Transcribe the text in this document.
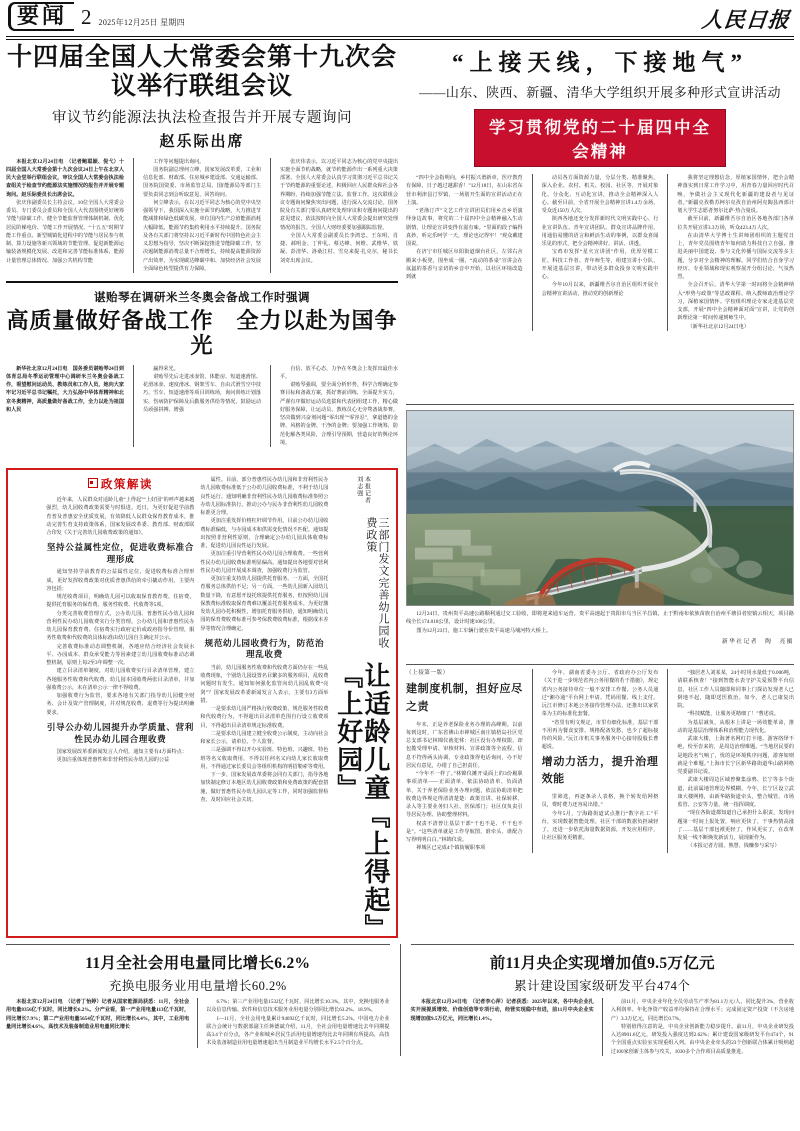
要闻 2 2025年12月25日 星期四	人民日报
十四届全国人大常委会第十九次会议举行联组会议
审议节约能源法执法检查报告并开展专题询问
赵乐际出席

本报北京12月24日电　（记者鲍聪颖、倪弋）十四届全国人大常委会第十九次会议24日上午在北京人民大会堂举行联组会议，审议全国人大常委会执法检查组关于检查节约能源法实施情况的报告并开展专题询问。赵乐际委员长出席会议。

张庆伟副委员长主持会议。10位全国人大常委会委员、专门委员会委员和全国人大代表围绕更好统筹节能与降碳工作、健全节能监督管理体制机制、优化居民阶梯电价、节能工作开展情况、“十五五”时期节能工作重点、新型城镇化进程中的节能与居民参与机制、算力设施等新兴领域的节能管理、促进新能源运输装备规模化发展、改进和完善节能标准体系、能源计量管理总体情况、加强公共机构节能

工作等问题提出询问。

国务院副总理何立峰，国家发展改革委、工业和信息化部、财政部、住房城乡建设部、交通运输部、国务院国资委、市场监管总局、国ľ能源局等部门主要负责同志到会听取意见、回答询问。

何立峰表示，在以习近平同志为核心的党中央坚强领导下，我国深入实施全面节约战略，大力推进节能减排和绿色低碳发展，单位国内生产总值能源消耗大幅降低，能源节约集约利用水平持续提升。国务院及各有关部门将坚持以习近平新时代中国特色社会主义思想为指导，坚决不断深挖推进节能降碳工作，坚决遏制能源消费总量不合理增长，持续提高能源资源产出效率，为实现碳达峰碳中和、加快经济社会发展全面绿色转型提供有力保障。

张庆伟表示，以习近平同志为核心的党中央提出实施全面节约战略，就节约能源作出一系列重大决策部署。全国人大常委会认真学习贯彻习近平总书记关于节约能源的重要论述，积极回应人民群众和社会各界期盼，持续加强节能立法、监督工作。这次联组会议专题询问聚焦突出问题，进行深入交流讨论。国务院及有关部门要认真研究处理审议和专题询问提出的意见建议，依法按时向全国人大常委会提出研究处理情况的报告。全国人大财经委要加强跟踪监督。

全国人大常委会副委员长李鸿忠、王东明、肖捷、郝明金、丁仲礼、蔡达峰、何维、武维华、铁凝、彭清华、洛桑江村、雪克来提·扎克尔，秘书长刘奇出席会议。

谌贻琴在调研米兰冬奥会备战工作时强调
高质量做好备战工作　全力以赴为国争光

新华社北京12月24日电　国务委员谌贻琴24日到体育总局冬季运动管理中心调研米兰冬奥会备战工作，看望慰问运动员、教练员和工作人员，她向大家牢记习近平总书记嘱托，大力弘扬中华体育精神和北京冬奥精神，高质量做好备战工作，全力以赴为祖国和人民

赢得荣光。

谌贻琴先后走进冰壶馆、体能房、短道速滑馆、花滑冰壶、速度滑冰、钢架雪车、自由式滑雪空中技巧、雪车、短道速滑等项目训练场，询问训练计划落实、伤病防护保障及后勤服务供给等情况，鼓励运动员顽强拼搏、增强

自信、放平心态，力争在冬奥会上发挥出最佳水平。

谌贻琴强调，要全面分析形势，科学合理确定参赛目标和备战方案，抓好赛前训练，全面提升实力，严谨有序做好运动员选拔和代表团组建工作，精心做好服务保障，让运动员、教练员心无旁骛备战参赛。坚决做到兴奋剂问题“零出现”“零容忍”，拿道德的金牌、风格的金牌、干净的金牌；要加强工作统筹，防范化解各类风险，合理引导预期，营造良好的舆论环境。

让适龄儿童『上得起』『上好园』
三部门发文完善幼儿园收费政策
本报记者　刘志强

属性。目前，部分普惠性民办幼儿园和非营利性民办幼儿园收费标准低于公办幼儿园收费标准，不利于幼儿园良性运行。通知明确非营利性民办幼儿园收费标准参照公办幼儿园标准执行，推动公办与民办非营利性幼儿园收费标准更合理。

更加注重发挥价格杠杆调节作用。目前公办幼儿园收费标准偏低，与办园成本和供需变化情况不匹配。通知提出按照非营利性原则，合理确定公办幼儿园具体收费标准，促进幼儿园良性运行发展。

更加注重引导营利性民办幼儿园合理收费。一些营利性民办幼儿园收费标准明显偏高。通知提出各地要对营利性民办幼儿园开展成本调查，加强收费行为监管。

更加注重支持幼儿园提供托育服务。一方面，全国托育服务总体供给不足；另一方面，一些幼儿园新入园幼儿数量下降，有意愿开设托班提供托育服务，但按照幼儿园保教费标准收取保育费难以覆盖托育服务成本。为更好激发幼儿园办托积极性，增加托育服务供给，通知明确幼儿园的保育费收费标准可参考保教费收费标准，根据成本差异等情况合理确定。

规范幼儿园收费行为，防范治理乱收费

当前，幼儿园服务性收费和代收费方面仍存在一些乱收费现象，个别幼儿园设置名目繁多的服务项目，乱收费问题时有发生。通知如何强化监管向幼儿园乱收费“亮剑”？国家发展改革委新闻发言人表示，主要有3方面举措。

一是要求幼儿园严格执行收费政策，规范服务性收费和代收费行为，不得超出目录清单范围自行设立收费项目，不得超出目录清单规定标准收费。

二是要求幼儿园建立健全收费公示制度，主动向社会和家长公示，请单位、个人监督。

三是强调不得以开办实验班、特色班、兴趣班、特色班等名义收取费用，不得以任何名义向幼儿家长收取费用，不得通过家长委员会等组织机构的明招勒索等费用。

下一步，国家发展改革委将会同有关部门，指导各地加快制定修订本地区幼儿园收费政策和免费政策的配套措施，做好普惠性民办幼儿园认定等工作，同时加强监督检查，及时回应社会关切。

政策解读

近年来，人民群众对适龄儿童“上得起”“上好园”的呼声越来越强烈，幼儿园收费政策需要与时俱进。近日，为更好促进学前教育普及普惠安全优质发展，有效降低人民群众保育教育成本，推动完善生育支持政策体系，国家发展改革委、教育部、财政部联合印发《关于完善幼儿园收费政策的通知》。

坚持公益属性定位，促进收费标准合理形成

通知坚持学前教育的公益属性定位，促进收费标准合理形成，更好发挥收费政策对优质普惠供给的牵引撬动作用。主要内容包括：

规范收费项目，明确幼儿园可以收取保育教育费、住宿费、提供托育服务的保育费、服务性收费、代收费等5项。

分类完善收费管理方式，公办幼儿园、普惠性民办幼儿园和营利性民办幼儿园收费实行分类管理。公办幼儿园和普惠性民办幼儿园保育教育费、住宿费实行政府定价或政府指导价管理，服务性收费和代收费的具体标准由幼儿园自主确定并公示。

完善收费标准动态调整机制，各地应结合经济社会发展水平、办园成本、群众承受能力等因素建立幼儿园收费标准动态调整机制，原则上每2至3年调整一次。

建立目录清单制度，对幼儿园收费实行目录清单管理，建立各地服务性收费和代收费、幼儿园本园收费两张目录清单，并加强收费公示，未在清单公示一律不得收费。

加强收费行为监管，要求各地有关部门指导幼儿园健全财务、会计及资产管理制度，并对规范收费、退费等行为提出明确要求。

引导公办幼儿园提升办学质量、营利性民办幼儿园合理收费

国家发展改革委新闻发言人介绍，通知主要有4方面特点：

更加注重体现普惠性和非营利性民办幼儿园的公益

“上接天线，下接地气”
——山东、陕西、新疆、清华大学组织开展多种形式宣讲活动
学习贯彻党的二十届四中全会精神

“四中全会指明向，乡村振兴谱新章，医疗教育有保障，日子越过越甜香！”12月18日，在山东省东营市利津县汀罗镇，一场别开生面的宣讲活动正在上演。

“老渔汀声”文艺工作宣讲团员们用乡音乡语演绎身边故事，将党的二十届四中全会精神融入生动剧情，让理论宣讲变得有滋有味。“里面的段子编得真妙，听完乐呵学一天，理论也记得牢！”观众戴建国说。

在济宁市任城区阜阳街道烟台社区，左邻右舍搬来小板凳，围坐成一圈，“流动的茶桌”宣讲会在氤氲的茶香与亲切的乡音中开始，以社区环境改造到就

动员各方面资源力量，分层分类、精准聚焦，深入企业、农村、机关、校园、社区等，开展对象化、分众化、互动化宣讲，推动全会精神深入人心。截至目前，全省开展全会精神宣讲1.4万余场，受众近150万人次。

陕西各地还充分发挥新时代文明实践中心、行业宣讲队伍、青年宣讲团队、群众宣讲品牌作用，用通俗易懂的语言和鲜活生动的事例，以群众喜闻乐见的形式，把全会精神讲好、讲活、讲透。

宝鸡市发挥“星火宣讲团”作用，优厚劳模工匠、科技工作者、青年师生等，组建宣讲小分队，开展进基层宣讲，带动更多群众投身文明实践中心。

今年10月以来，新疆维吾尔自治区组织开展全会精神宣讲活动，推动党的创新理论

我将坚定理想信念，厚植家国情怀，把全会精神落实到日常工作学习中，用青春力量回应时代召唤，争做社会主义现代化新疆的建设者与见证者。”新疆克孜勒苏柯尔克孜自治州阿克陶县西部计划大学生志愿者努尔比萨·热合曼说。

截至目前，新疆维吾尔自治区各地各部门各单位共开展宣讲3.3万场，听众423.4万人次。

在由清华大学博士生讲师团组织的主题党日上，青年党员围绕青年如何助力科技自立自强、推进美丽中国建设、参与文化传播与国际交流等多主题，分享对全会精神的理解。同学们结合自身学习经历、专业领域和现实观察展开分组讨论，气氛热烈。

全会召开后，清华大学第一时间将全会精神纳入“形势与政策”等思政课程、纳入教师政治理论学习，深植家国情怀。学校组织理论专家走进基层党支部，开展“四中全会精神面对面”宣讲，让党的创新理论第一时间传递到师生中。

（新华社北京12月24日电）

12月24日，贵州贵平高速公路顺利通过交工验收，即将迎来通车运营。贵平高速起于贵阳市乌当区羊昌镇，止于黔南布依族苗族自治州平塘县者密镇云相天，项目路线全长174.018公里，设计时速100公里。

图为12月23日，施工车辆行驶在贵平高速马埔河特大桥上。

新华社记者　陶　亮摄
（上接第一版）
建制度机制，担好应尽之责

年末，正是养老保险业务办理的高峰期。以前每到这时，广东省佛山市禅城区南庄镇梧岛社区党总支部书记林锦仪就犯怵：社区没有办理权限，却包揽受理申请、审核材料、宣讲政策等全流程，信息不符得两头协调、专业政策得电话询问，办不好居民有意见，办错了自己担责任。

“今年不一样了。”林锦仪摊开桌面上的3份履职事项清单——正面清单、依法协助清单、负面清单，关于养老保险业务办理问题，依法协助清单把收费边界规定得清清楚楚：政策宣讲、社保转移、录入等主要业务归人社、医保部门；社区仅负责引导居民办理、协助整理材料。

权责不清曾让基层干部“干也不是、不干也不是”。“这些清单就是工作导航图，谁牵头、谁配合写得明明白白。”林锦仪说。

禅城区已完成4个镇街履职事项

今年，湖南省委办公厅、省政府办公厅发布《关于进一步规范省内公务用餐的若干措施》，规定省内公务接待单位一般不安排工作餐，公务人员通过“湘办通”平台网上申请、凭码用餐、线上支付。沅江市修订本地公务接待管理办法，还推出以家常菜为主的标准化套餐。

“省里有明文规定，市里有细化标准，基层干部不用再为餐食安排、规格配备发愁，也少了超标接待的风险。”沅江市机关事务服务中心接待股股长曹超说。

增动力活力，提升治理效能

里筛选，再逐条录人表格，换个转发给网格员，费时费力还容易出错。”

今年5月，宁海路街道试点推行“数字社工”平台，实现数据智能处理。社区干部的数据负担减轻了，还进一步依托海量数据资源，开发应用程序，让社区服务更精准。

“独居老人刘某某，24小时用水量低于0.006吨，请联系核查！”接到智能水表守护关爱预警平台信息，社区工作人员随即和同事上门探访发现老人已倒地不起，随即送医救治。如今，老人已康复出院。

“科技赋能，让服务更精细了！”曹述说。

为基层减负，从根本上讲是一场效能革命，推动的是基层治理体系和治理能力现代化。

武康大楼，上海著名网红打卡地。游客络绎不绝，纷至沓来的，是周边治理难题。“当地居民要的是地段名气响了，忧的是环境秩序问题，游客如则就是个难题。”上海市长宁区新华路街道华山路网格党委副书记说。

武康大楼周边区域曾聚集涂鸦、长宁等多个街道，此前属地管理边界模糊。今年，长宁区设立武康大楼网格，由新华路街道牵头，整合城管、市场监管、公安等力量，统一指挥调度。

“现在各街道都知道自己承担什么职责，发现问题第一时间上报处置，响应更快了，干事热情高涨了……基层干部包袱更轻了，作风更实了，在改革发展一线不断焕发新活力，展现新作为。

（本报记者方圆、熟慧、钱赚参与采写）

11月全社会用电量同比增长6.2%
充换电服务业用电量增长60.2%

本报北京12月24日电　（记者丁怡婷）记者从国家能源局获悉：11月，全社会用电量8356亿千瓦时，同比增长6.2%。分产业看，第一产业用电量113亿千瓦时，同比增长7.9%；第二产业用电量5654亿千瓦时，同比增长4.4%，其中，工业用电量同比增长4.6%，高技术及装备制造业用电量同比增长

6.7%；第三产业用电量1532亿千瓦时，同比增长10.3%，其中，充换电服务业以及信息传输、软件和信息技术服务业用电量分别同比增长63.2%、18.9%。

1—11月，全社会用电量累计94692亿千瓦时，同比增长5.2%。中国电力企业联合会统计与数据部副主任蒋德斌介绍，11月，全社会用电量增速比去年同期提高3.4个百分点，各产业和城乡居民生活用电量增速均比去年同期有所提高，高技术及装备制造业用电量增速超出当月制造业平均增长水平2.5个百分点。

前11月央企实现增加值9.5万亿元
累计建设国家级研发平台474个

本报北京12月24日电　（记者李心萍）记者获悉：2025年以来，各中央企业扎实开展提质增效、价值创造等专项行动，经营实现稳中有进，前11月中央企业实现增加值9.5万亿元，同比增长1.4%。

前11月，中央企业年化全员劳动生产率为81.1万元/人，同比提升3%，营业收入利润率、年化净资产收益率均保持在合理水平；完成固定资产投资（不含房地产）3.3万亿元，同比增长0.7%。

特别值得注意的是，中央企业创新能力稳步提升。前11月，中央企业研发投入达8901.6亿元，研发投入强度达到2.62%；累计建设国家级研发平台474个，91个全国重点实验室实现重组入列。由中央企业牵头的23个创新联合体累计吸纳超过100家创新主体参与攻关，1030多个合作项目高质量推进。
